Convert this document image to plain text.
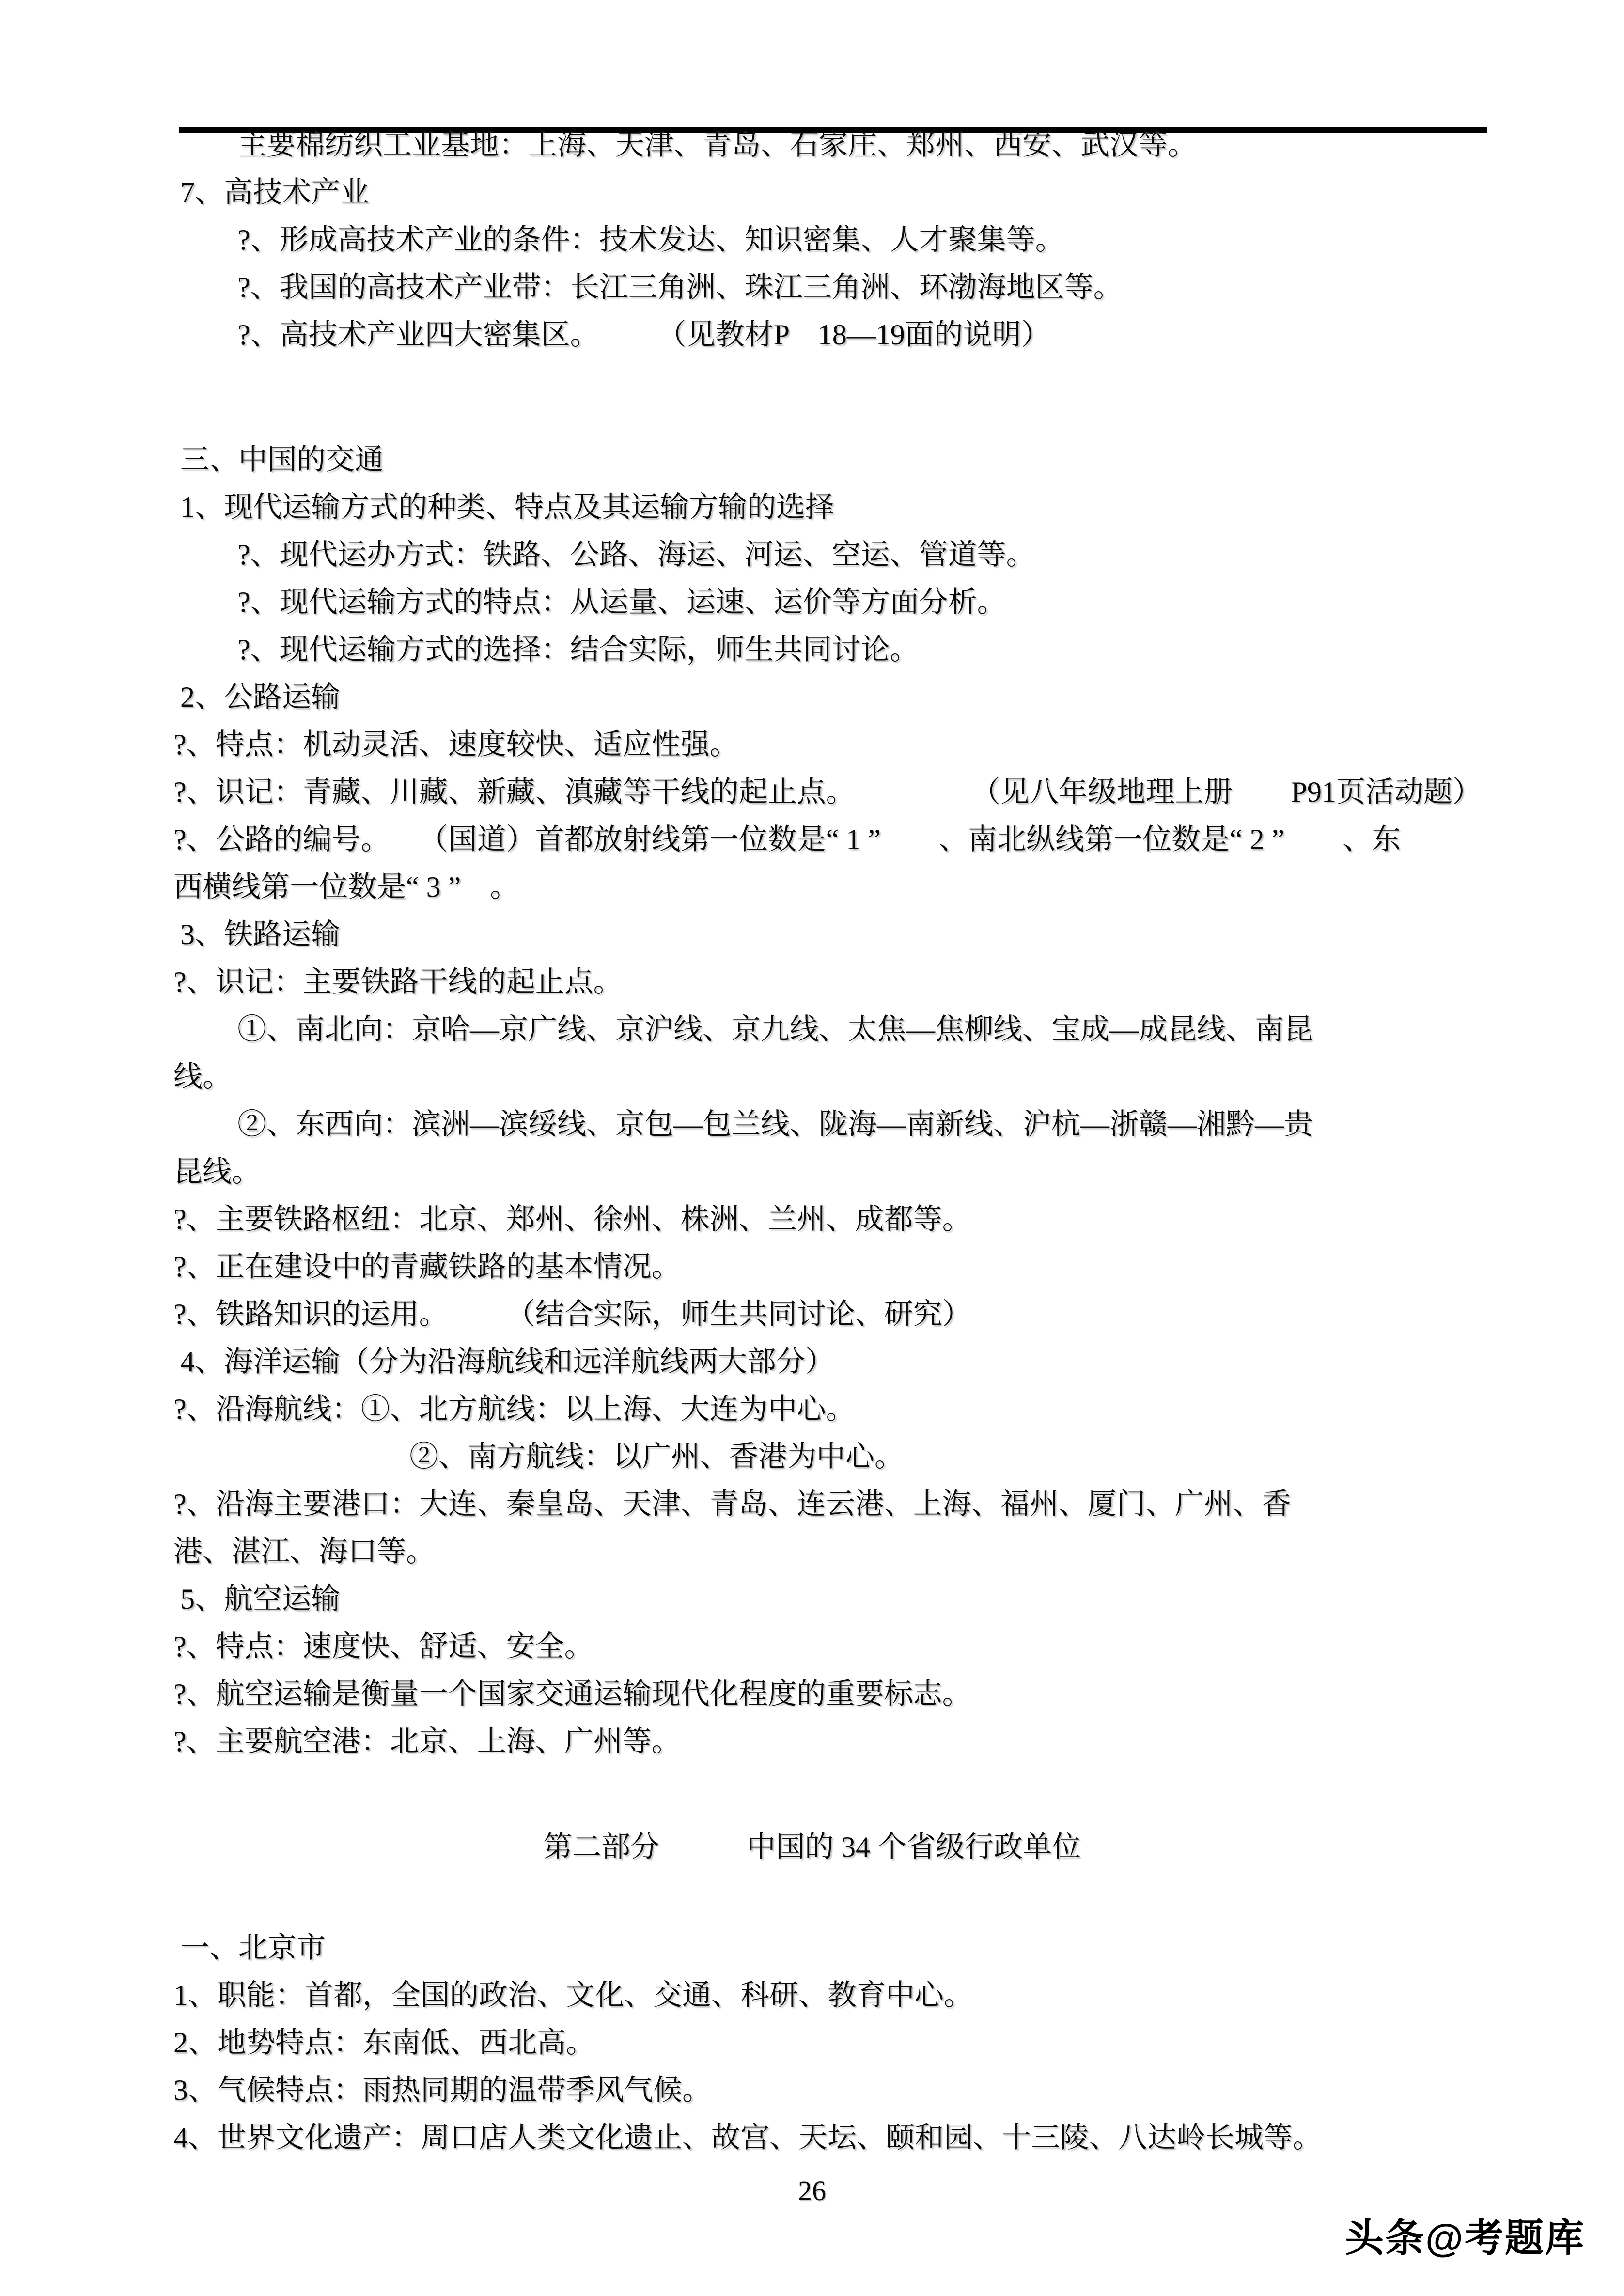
主要棉纺织工业基地：上海、天津、青岛、石家庄、郑州、西安、武汉等。
7、高技术产业
?、形成高技术产业的条件：技术发达、知识密集、人才聚集等。
?、我国的高技术产业带：长江三角洲、珠江三角洲、环渤海地区等。
?、高技术产业四大密集区。　　　（见教材P　18—19面的说明）
三、中国的交通
1、现代运输方式的种类、特点及其运输方输的选择
?、现代运办方式：铁路、公路、海运、河运、空运、管道等。
?、现代运输方式的特点：从运量、运速、运价等方面分析。
?、现代运输方式的选择：结合实际，师生共同讨论。
2、公路运输
?、特点：机动灵活、速度较快、适应性强。
?、识记：青藏、川藏、新藏、滇藏等干线的起止点。　　　　　（见八年级地理上册　　P91页活动题）
?、公路的编号。　　（国道）首都放射线第一位数是“ 1 ”　　、南北纵线第一位数是“ 2 ”　　、东
西横线第一位数是“ 3 ”　。
3、铁路运输
?、识记：主要铁路干线的起止点。
①、南北向：京哈—京广线、京沪线、京九线、太焦—焦柳线、宝成—成昆线、南昆
线。
②、东西向：滨洲—滨绥线、京包—包兰线、陇海—南新线、沪杭—浙赣—湘黔—贵
昆线。
?、主要铁路枢纽：北京、郑州、徐州、株洲、兰州、成都等。
?、正在建设中的青藏铁路的基本情况。
?、铁路知识的运用。　　　（结合实际，师生共同讨论、研究）
4、海洋运输（分为沿海航线和远洋航线两大部分）
?、沿海航线：①、北方航线：以上海、大连为中心。
②、南方航线：以广州、香港为中心。
?、沿海主要港口：大连、秦皇岛、天津、青岛、连云港、上海、福州、厦门、广州、香
港、湛江、海口等。
5、航空运输
?、特点：速度快、舒适、安全。
?、航空运输是衡量一个国家交通运输现代化程度的重要标志。
?、主要航空港：北京、上海、广州等。
第二部分　　　中国的 34 个省级行政单位
一、北京市
1、职能：首都，全国的政治、文化、交通、科研、教育中心。
2、地势特点：东南低、西北高。
3、气候特点：雨热同期的温带季风气候。
4、世界文化遗产：周口店人类文化遗止、故宫、天坛、颐和园、十三陵、八达岭长城等。
26
头条@考题库
